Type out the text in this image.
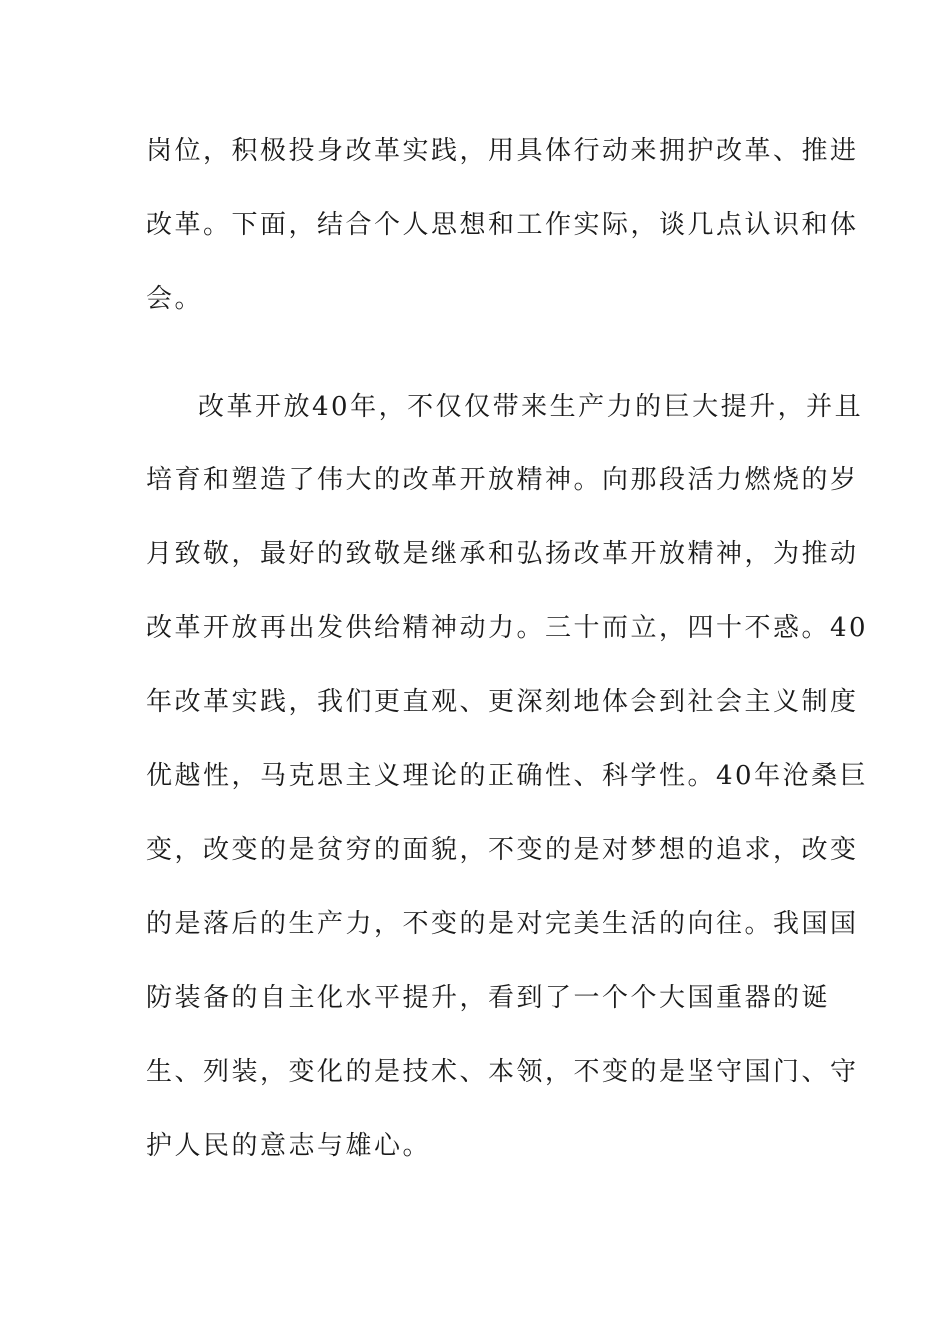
岗位，积极投身改革实践，用具体行动来拥护改革、推进
改革。下面，结合个人思想和工作实际，谈几点认识和体
会。
改革开放40年，不仅仅带来生产力的巨大提升，并且
培育和塑造了伟大的改革开放精神。向那段活力燃烧的岁
月致敬，最好的致敬是继承和弘扬改革开放精神，为推动
改革开放再出发供给精神动力。三十而立，四十不惑。40
年改革实践，我们更直观、更深刻地体会到社会主义制度
优越性，马克思主义理论的正确性、科学性。40年沧桑巨
变，改变的是贫穷的面貌，不变的是对梦想的追求，改变
的是落后的生产力，不变的是对完美生活的向往。我国国
防装备的自主化水平提升，看到了一个个大国重器的诞
生、列装，变化的是技术、本领，不变的是坚守国门、守
护人民的意志与雄心。
